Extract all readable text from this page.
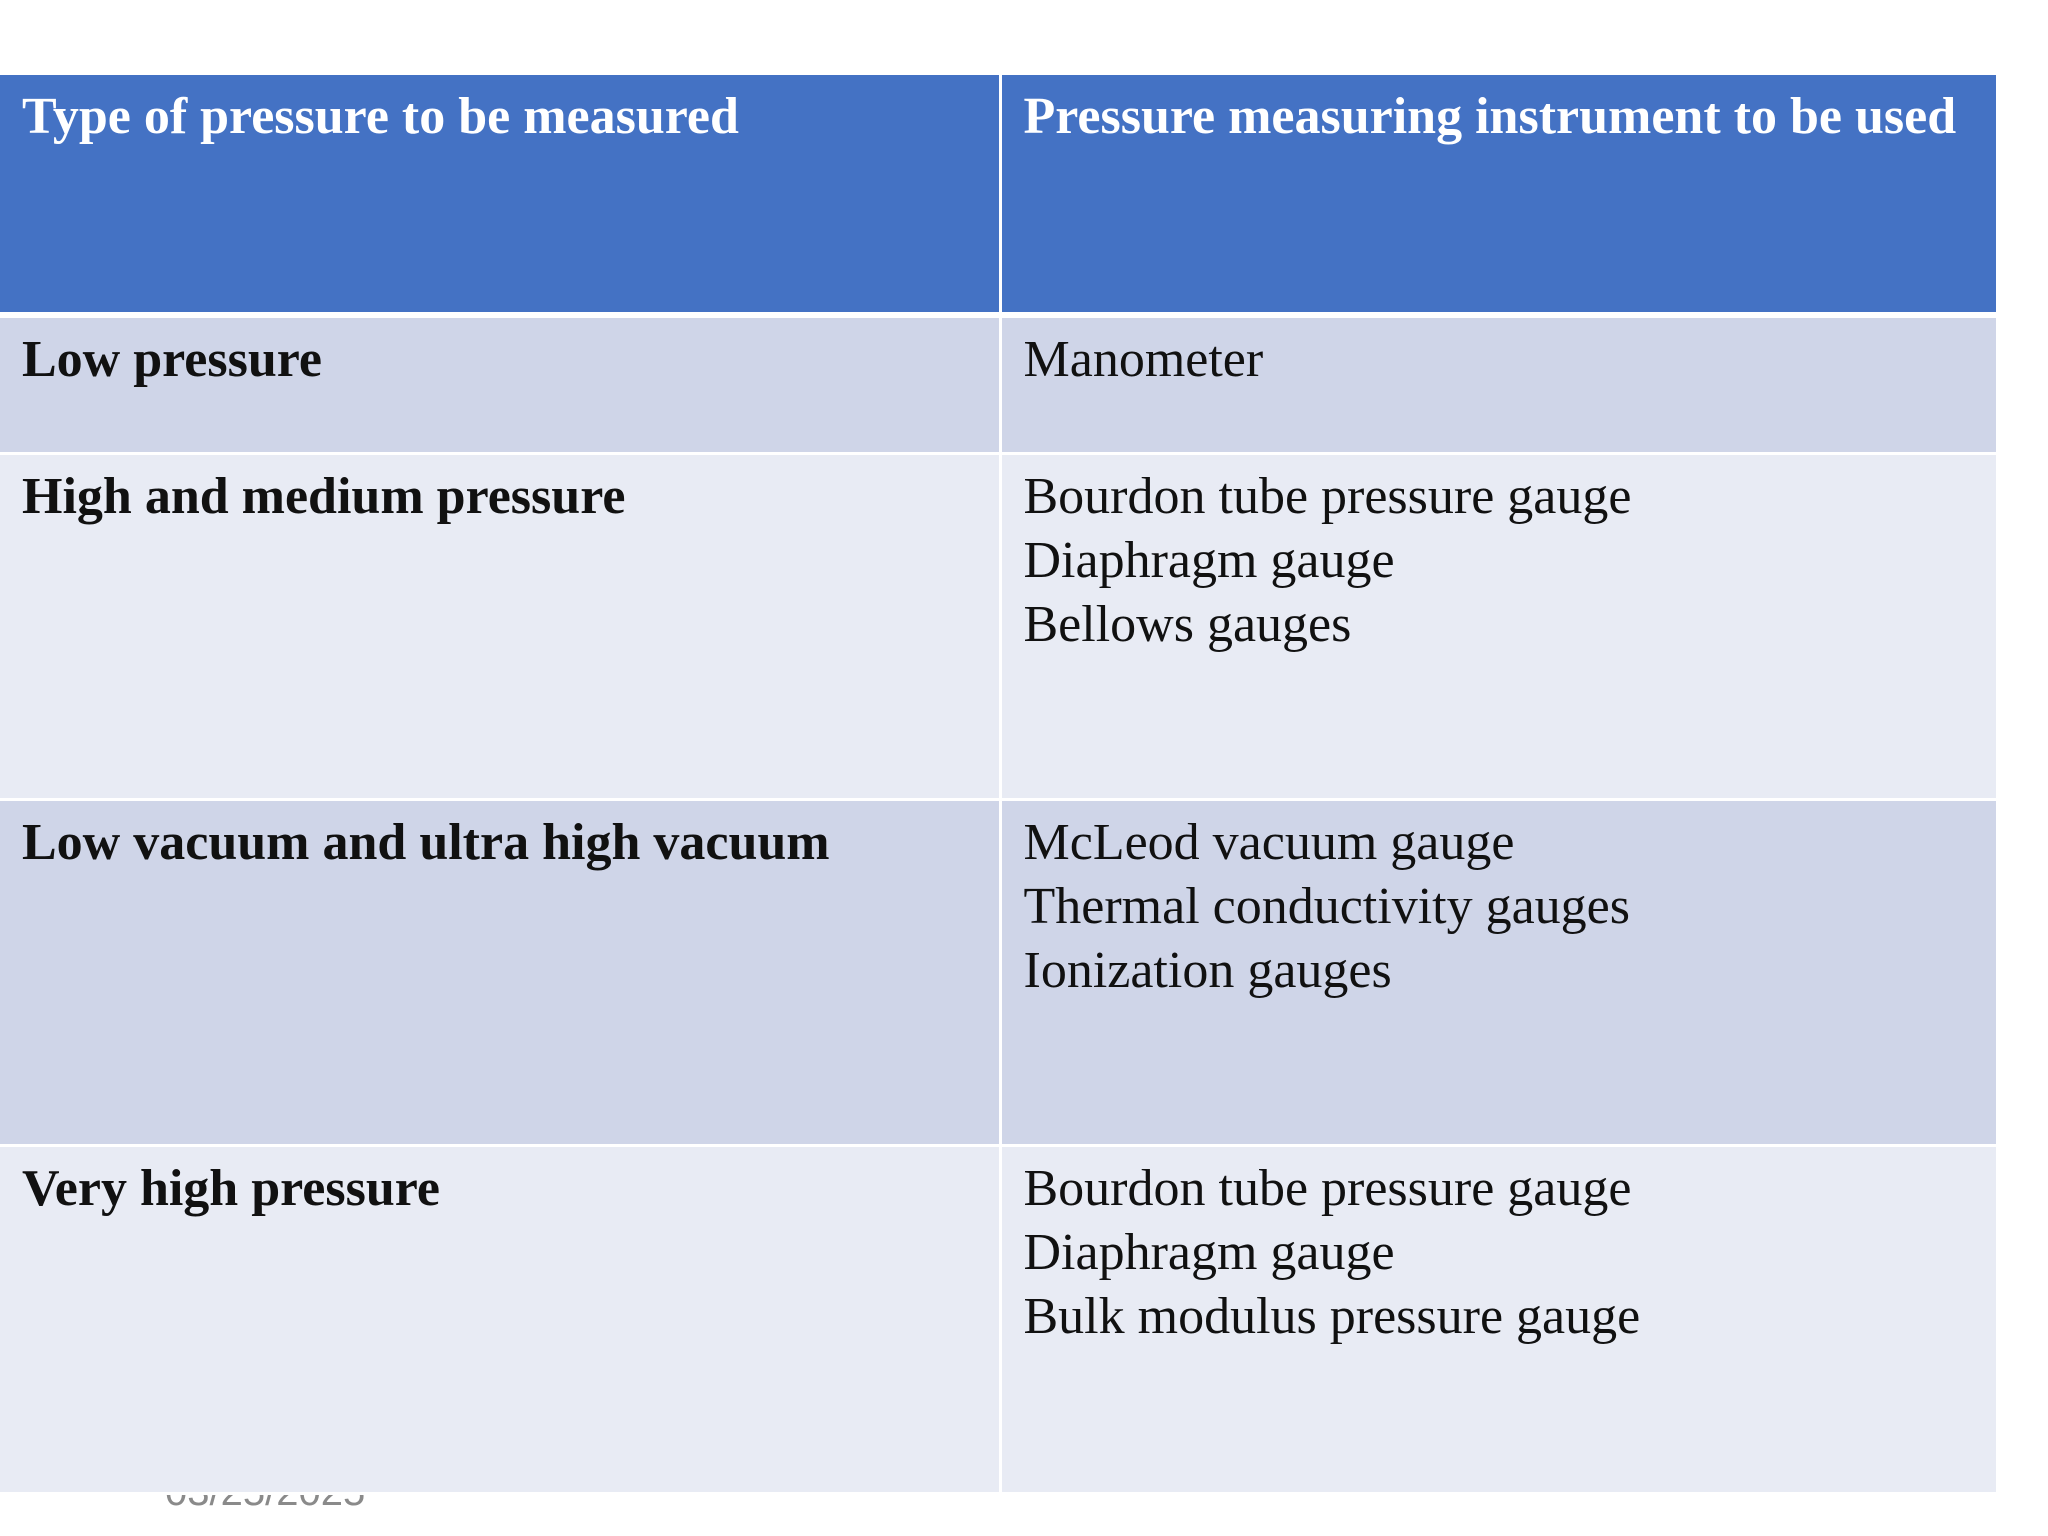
Type of pressure to be measured	Pressure measuring instrument to be used
Low pressure	Manometer

High and medium pressure	Bourdon tube pressure gauge
Diaphragm gauge
Bellows gauges

Low vacuum and ultra high vacuum	McLeod vacuum gauge
Thermal conductivity gauges
Ionization gauges

Very high pressure	Bourdon tube pressure gauge
Diaphragm gauge
Bulk modulus pressure gauge
